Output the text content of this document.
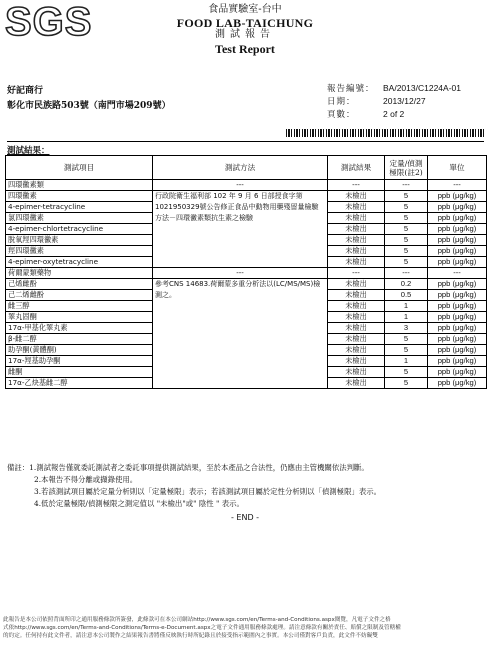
SGS	食品實驗室-台中
FOOD LAB-TAICHUNG
測試報告
Test Report
好記商行
彰化市民族路503號（南門市場209號）
報告編號： BA/2013/C1224A-01
日期：	2013/12/27
頁數：	2 of 2
測試結果：
測試項目	測試方法	測試結果	定量/偵測極限(註2)	單位
四環黴素類	---	---	---	---
四環黴素	行政院衛生福利部 102 年 9 月 6 日部授食字第 1021950329號公告修正食品中動物用藥殘留量檢驗方法－四環黴素類抗生素之檢驗	未檢出	5	ppb (μg/kg)
4-epimer-tetracycline		未檢出	5	ppb (μg/kg)
氯四環黴素		未檢出	5	ppb (μg/kg)
4-epimer-chlortetracycline		未檢出	5	ppb (μg/kg)
脫氧羥四環黴素		未檢出	5	ppb (μg/kg)
羥四環黴素		未檢出	5	ppb (μg/kg)
4-epimer-oxytetracycline		未檢出	5	ppb (μg/kg)
荷爾蒙類藥物	---	---	---	---
己烯雌酚	參考CNS 14683.荷爾蒙多重分析法以(LC/MS/MS)檢測之。	未檢出	0.2	ppb (μg/kg)
己二烯雌酚		未檢出	0.5	ppb (μg/kg)
雌三醇		未檢出	1	ppb (μg/kg)
睪丸固酮		未檢出	1	ppb (μg/kg)
17α-甲基化睪丸素		未檢出	3	ppb (μg/kg)
β-雌二醇		未檢出	5	ppb (μg/kg)
助孕酮(黃體酮)		未檢出	5	ppb (μg/kg)
17α-羥基助孕酮		未檢出	1	ppb (μg/kg)
雌酮		未檢出	5	ppb (μg/kg)
17α-乙炔基雌二醇		未檢出	5	ppb (μg/kg)
備註：1.測試報告僅就委託測試者之委託事項提供測試結果，至於本產品之合法性，仍應由主管機關依法判斷。
2.本報告不得分離或擷錄使用。
3.若該測試項目屬於定量分析則以「定量極限」表示；若該測試項目屬於定性分析則以「偵測極限」表示。
4.低於定量極限/偵測極限之測定值以 "未檢出"或" 陰性 " 表示。
- END -
此報告是本公司依照背面所印之通用服務條款所簽發，此條款可在本公司網站http://www.sgs.com/en/Terms-and-Conditions.aspx閱覽，凡電子文件之格
式依http://www.sgs.com/en/Terms-and-Conditions/Terms-e-Document.aspx之電子文件通用服務條款處理。請注意條款有關於責任、賠償之限制及管轄權
的約定。任何持有此文件者，請注意本公司製作之結果報告書將僅反映執行時所紀錄且於接受指示範圍內之事實。本公司僅對客戶負責，此文件不妨礙雙
